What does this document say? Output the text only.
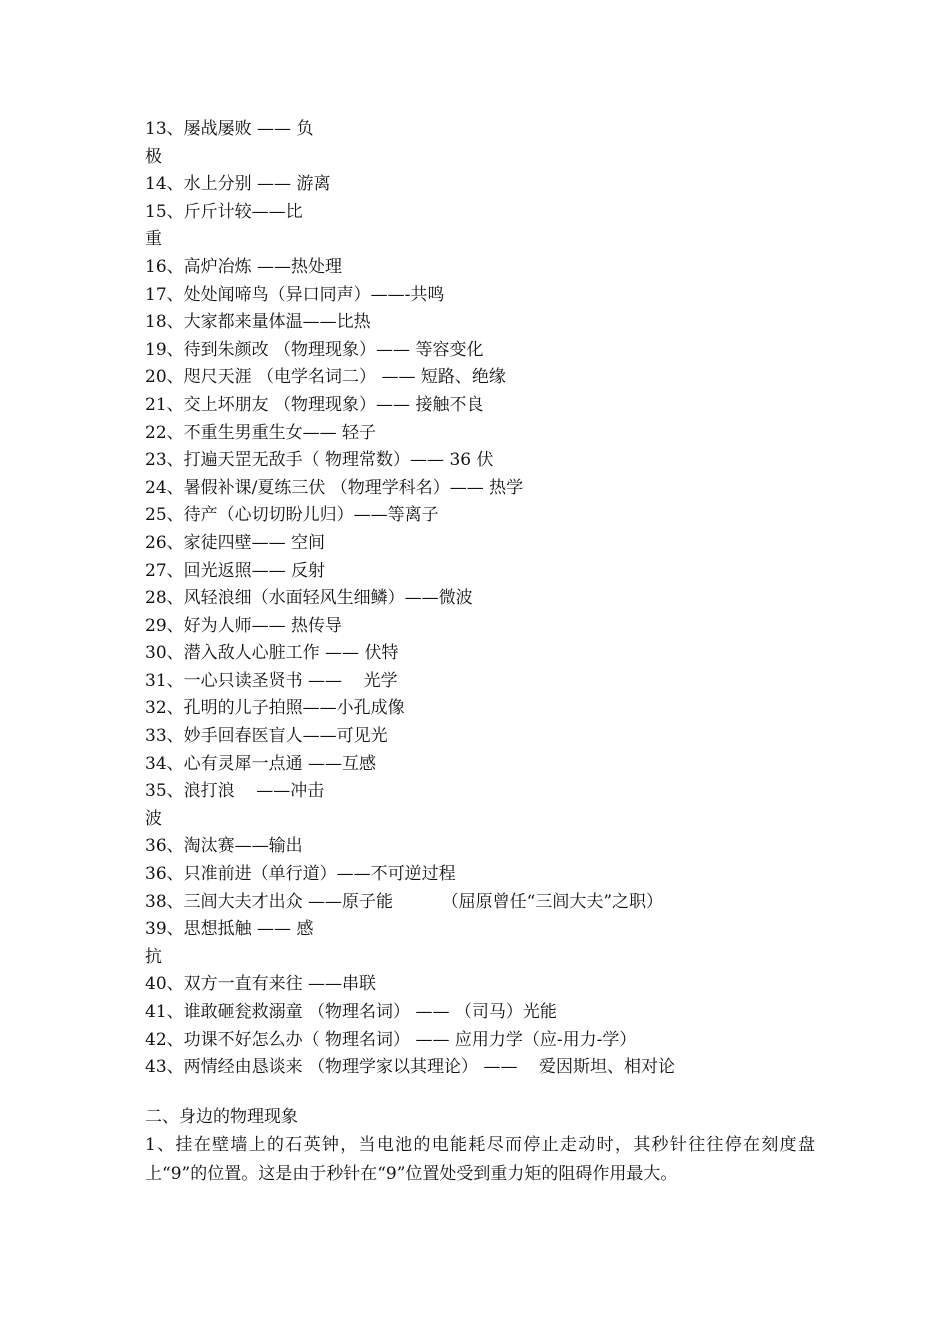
13、屡战屡败 —— 负
极
14、水上分别 —— 游离
15、斤斤计较——比
重
16、高炉冶炼 ——热处理
17、处处闻啼鸟（异口同声）——-共鸣
18、大家都来量体温——比热
19、待到朱颜改 （物理现象）—— 等容变化
20、咫尺天涯 （电学名词二） —— 短路、绝缘
21、交上坏朋友 （物理现象）—— 接触不良
22、不重生男重生女—— 轻子
23、打遍天罡无敌手（ 物理常数）—— 36 伏
24、暑假补课/夏练三伏 （物理学科名）—— 热学
25、待产（心切切盼儿归）——等离子
26、家徒四壁—— 空间
27、回光返照—— 反射
28、风轻浪细（水面轻风生细鳞）——微波
29、好为人师—— 热传导
30、潜入敌人心脏工作 —— 伏特
31、一心只读圣贤书 ——    光学
32、孔明的儿子拍照——小孔成像
33、妙手回春医盲人——可见光
34、心有灵犀一点通 ——互感
35、浪打浪    ——冲击
波
36、淘汰赛——输出
36、只准前进（单行道）——不可逆过程
38、三闾大夫才出众 ——原子能         （屈原曾任“三闾大夫”之职）
39、思想抵触 —— 感
抗
40、双方一直有来往 ——串联
41、谁敢砸瓮救溺童 （物理名词） —— （司马）光能
42、功课不好怎么办（ 物理名词） —— 应用力学（应-用力-学）
43、两情经由恳谈来 （物理学家以其理论） ——    爱因斯坦、相对论
二、身边的物理现象

1、挂在壁墙上的石英钟，当电池的电能耗尽而停止走动时，其秒针往往停在刻度盘上“9”的位置。这是由于秒针在“9”位置处受到重力矩的阻碍作用最大。
